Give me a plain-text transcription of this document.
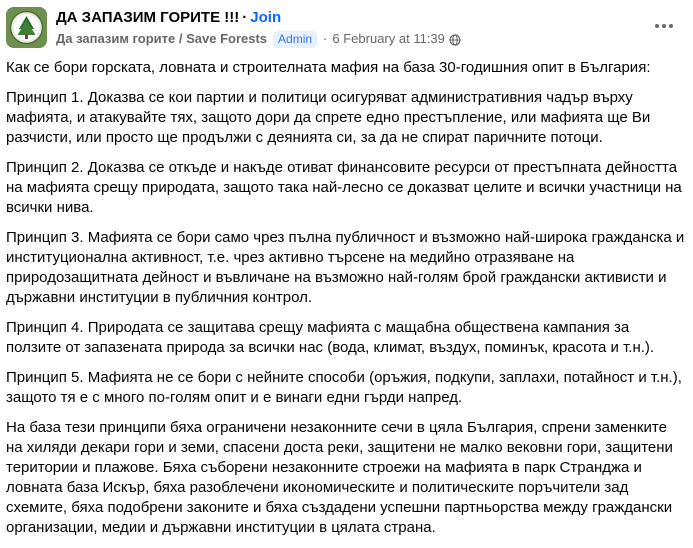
ДА ЗАПАЗИМ ГОРИТЕ !!! · Join
Да запазим горите / Save Forests Admin · 6 February at 11:39

Как се бори горската, ловната и строителната мафия на база 30-годишния опит в България:

Принцип 1. Доказва се кои партии и политици осигуряват административния чадър върху мафията, и атакувайте тях, защото дори да спрете едно престъпление, или мафията ще Ви разчисти, или просто ще продължи с деянията си, за да не спират паричните потоци.

Принцип 2. Доказва се откъде и накъде отиват финансовите ресурси от престъпната дейността на мафията срещу природата, защото така най-лесно се доказват целите и всички участници на всички нива.

Принцип 3. Мафията се бори само чрез пълна публичност и възможно най-широка гражданска и институционална активност, т.е. чрез активно търсене на медийно отразяване на природозащитната дейност и въвличане на възможно най-голям брой граждански активисти и държавни институции в публичния контрол.

Принцип 4. Природата се защитава срещу мафията с мащабна обществена кампания за ползите от запазената природа за всички нас (вода, климат, въздух, поминък, красота и т.н.).

Принцип 5. Мафията не се бори с нейните способи (оръжия, подкупи, заплахи, потайност и т.н.), защото тя е с много по-голям опит и е винаги едни гърди напред.

На база тези принципи бяха ограничени незаконните сечи в цяла България, спрени заменките на хиляди декари гори и земи, спасени доста реки, защитени не малко вековни гори, защитени територии и плажове. Бяха съборени незаконните строежи на мафията в парк Странджа и ловната база Искър, бяха разоблечени икономическите и политическите поръчители зад схемите, бяха подобрени законите и бяха създадени успешни партньорства между граждански организации, медии и държавни институции в цялата страна.
